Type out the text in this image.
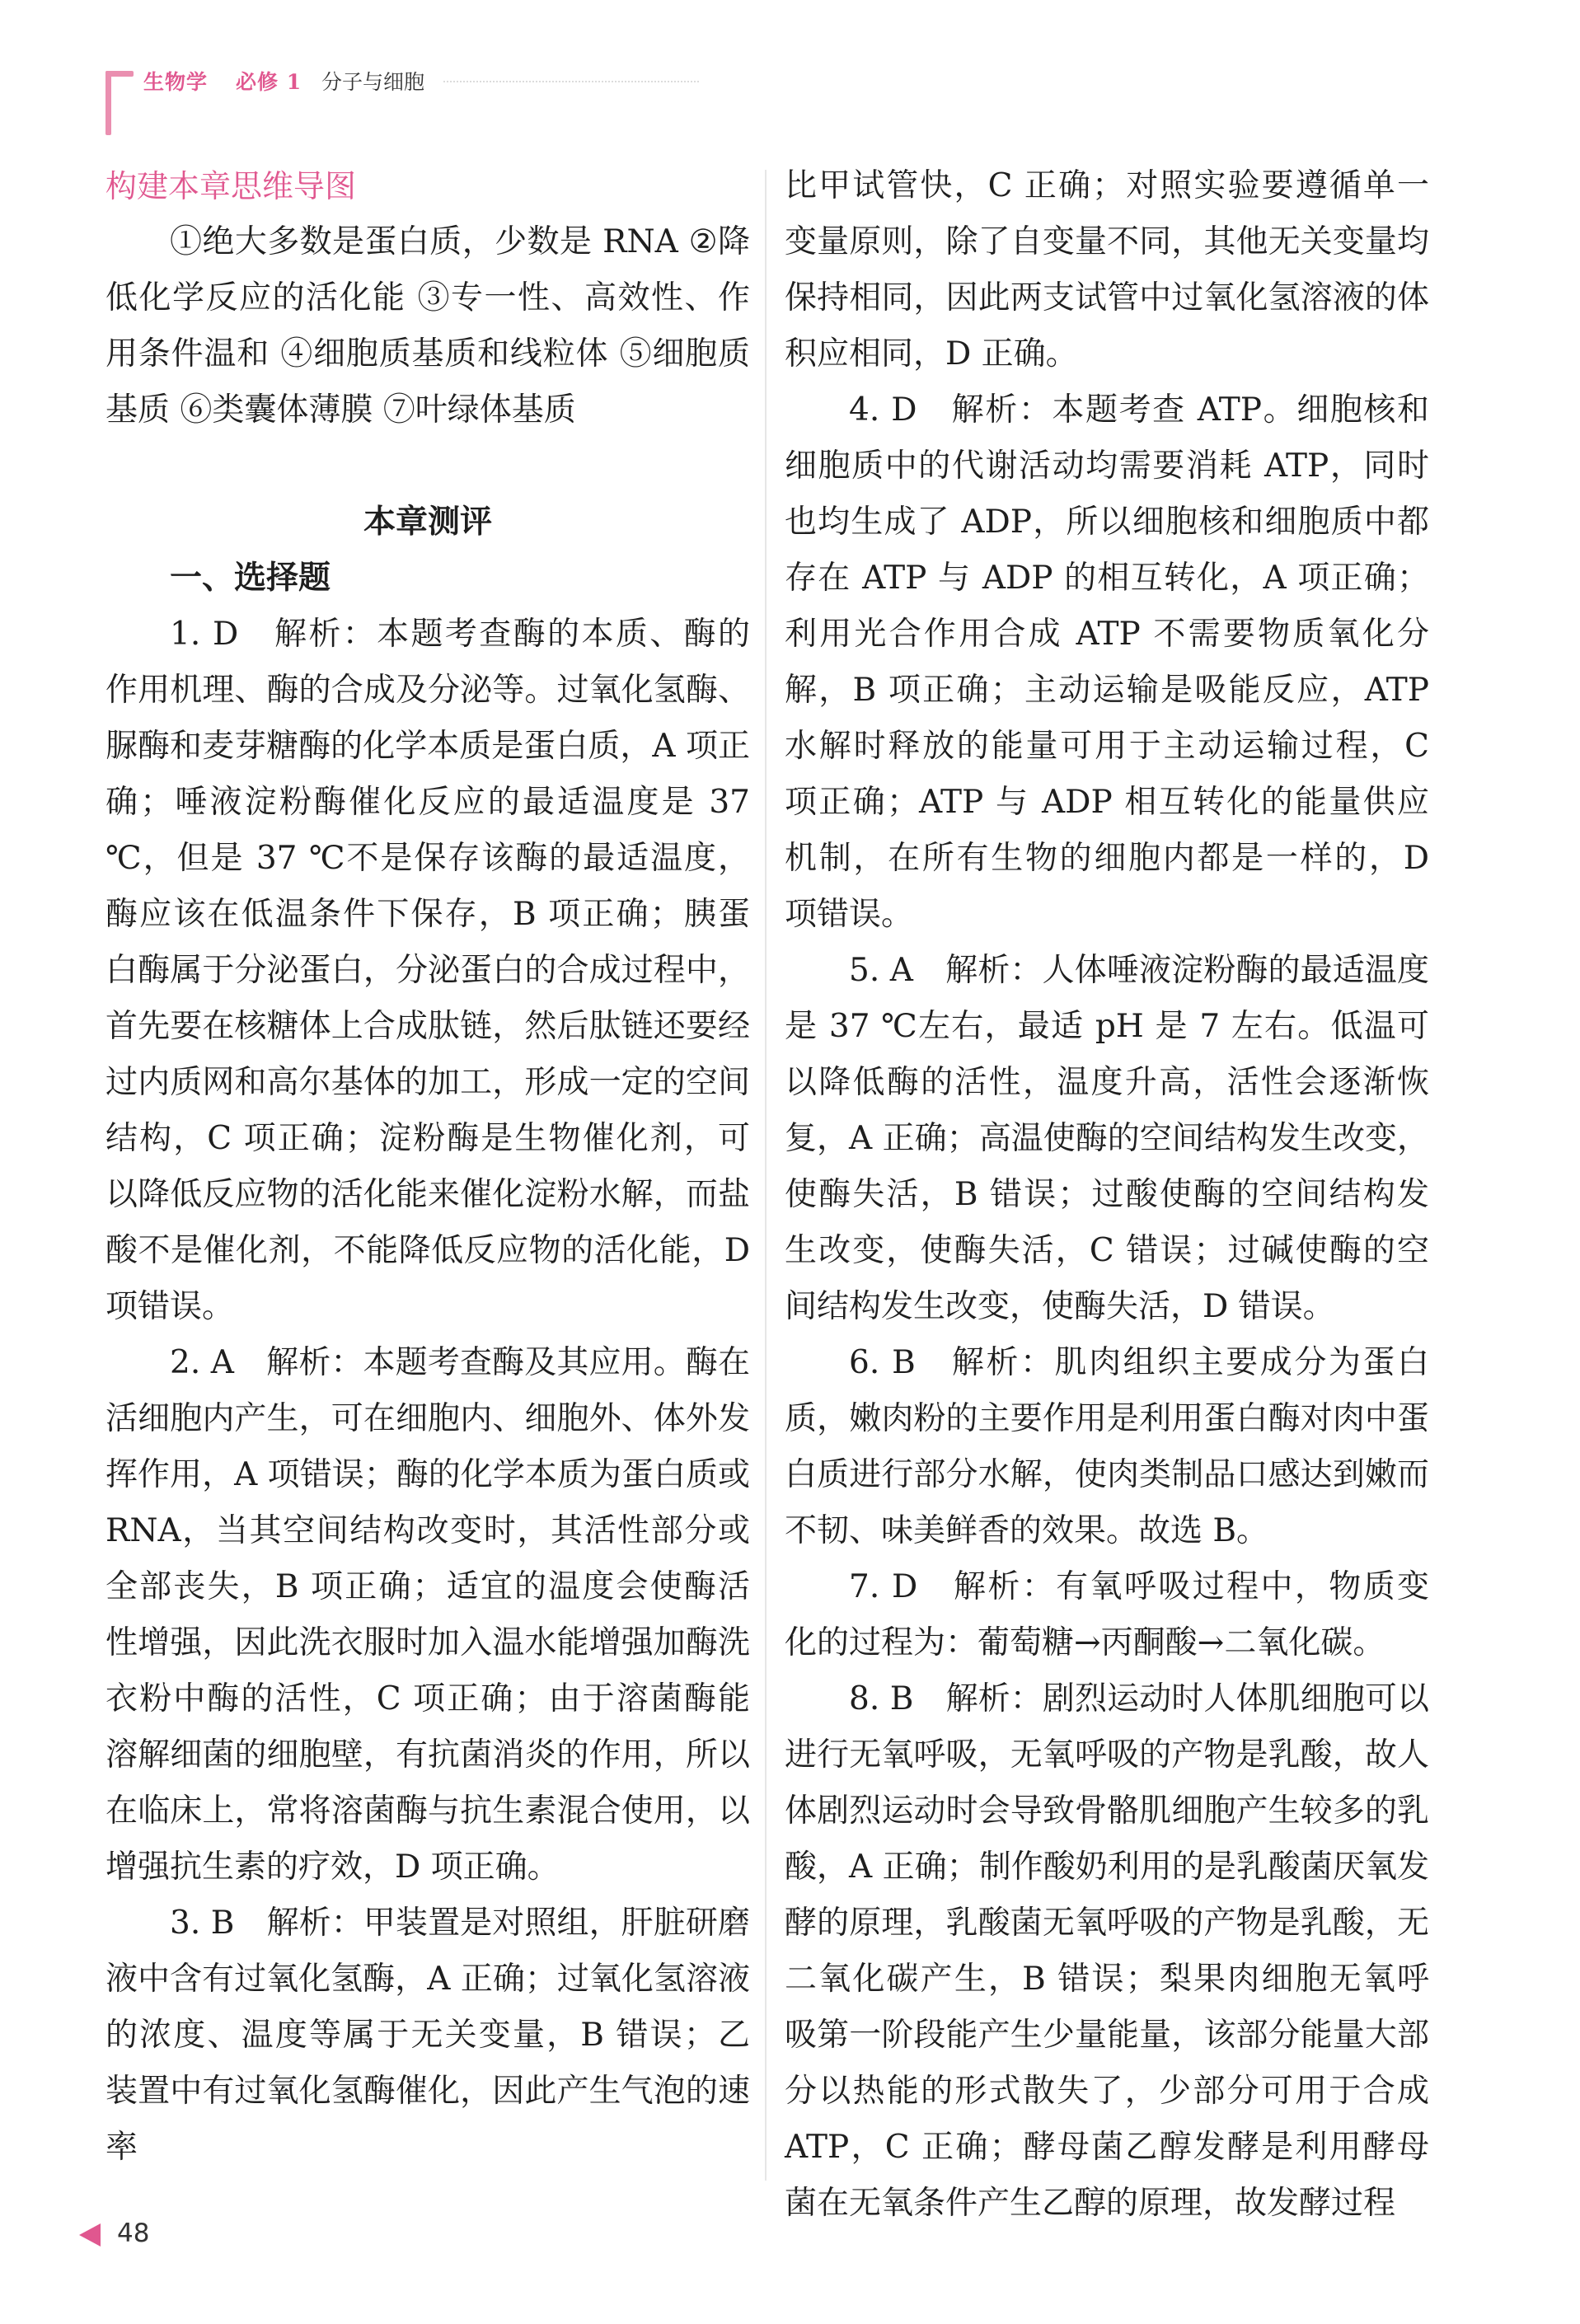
生物学 必修 1 分子与细胞

构建本章思维导图

①绝大多数是蛋白质，少数是 RNA ②降低化学反应的活化能 ③专一性、高效性、作用条件温和 ④细胞质基质和线粒体 ⑤细胞质基质 ⑥类囊体薄膜 ⑦叶绿体基质

本章测评

一、选择题

1. D　解析：本题考查酶的本质、酶的作用机理、酶的合成及分泌等。过氧化氢酶、脲酶和麦芽糖酶的化学本质是蛋白质，A 项正确；唾液淀粉酶催化反应的最适温度是 37 ℃，但是 37 ℃不是保存该酶的最适温度，酶应该在低温条件下保存，B 项正确；胰蛋白酶属于分泌蛋白，分泌蛋白的合成过程中，首先要在核糖体上合成肽链，然后肽链还要经过内质网和高尔基体的加工，形成一定的空间结构，C 项正确；淀粉酶是生物催化剂，可以降低反应物的活化能来催化淀粉水解，而盐酸不是催化剂，不能降低反应物的活化能，D 项错误。

2. A　解析：本题考查酶及其应用。酶在活细胞内产生，可在细胞内、细胞外、体外发挥作用，A 项错误；酶的化学本质为蛋白质或 RNA，当其空间结构改变时，其活性部分或全部丧失，B 项正确；适宜的温度会使酶活性增强，因此洗衣服时加入温水能增强加酶洗衣粉中酶的活性，C 项正确；由于溶菌酶能溶解细菌的细胞壁，有抗菌消炎的作用，所以在临床上，常将溶菌酶与抗生素混合使用，以增强抗生素的疗效，D 项正确。

3. B　解析：甲装置是对照组，肝脏研磨液中含有过氧化氢酶，A 正确；过氧化氢溶液的浓度、温度等属于无关变量，B 错误；乙装置中有过氧化氢酶催化，因此产生气泡的速率

比甲试管快，C 正确；对照实验要遵循单一变量原则，除了自变量不同，其他无关变量均保持相同，因此两支试管中过氧化氢溶液的体积应相同，D 正确。

4. D　解析：本题考查 ATP。细胞核和细胞质中的代谢活动均需要消耗 ATP，同时也均生成了 ADP，所以细胞核和细胞质中都存在 ATP 与 ADP 的相互转化，A 项正确；利用光合作用合成 ATP 不需要物质氧化分解，B 项正确；主动运输是吸能反应，ATP 水解时释放的能量可用于主动运输过程，C 项正确；ATP 与 ADP 相互转化的能量供应机制，在所有生物的细胞内都是一样的，D 项错误。

5. A　解析：人体唾液淀粉酶的最适温度是 37 ℃左右，最适 pH 是 7 左右。低温可以降低酶的活性，温度升高，活性会逐渐恢复，A 正确；高温使酶的空间结构发生改变，使酶失活，B 错误；过酸使酶的空间结构发生改变，使酶失活，C 错误；过碱使酶的空间结构发生改变，使酶失活，D 错误。

6. B　解析：肌肉组织主要成分为蛋白质，嫩肉粉的主要作用是利用蛋白酶对肉中蛋白质进行部分水解，使肉类制品口感达到嫩而不韧、味美鲜香的效果。故选 B。

7. D　解析：有氧呼吸过程中，物质变化的过程为：葡萄糖→丙酮酸→二氧化碳。

8. B　解析：剧烈运动时人体肌细胞可以进行无氧呼吸，无氧呼吸的产物是乳酸，故人体剧烈运动时会导致骨骼肌细胞产生较多的乳酸，A 正确；制作酸奶利用的是乳酸菌厌氧发酵的原理，乳酸菌无氧呼吸的产物是乳酸，无二氧化碳产生，B 错误；梨果肉细胞无氧呼吸第一阶段能产生少量能量，该部分能量大部分以热能的形式散失了，少部分可用于合成 ATP，C 正确；酵母菌乙醇发酵是利用酵母菌在无氧条件产生乙醇的原理，故发酵过程

48
